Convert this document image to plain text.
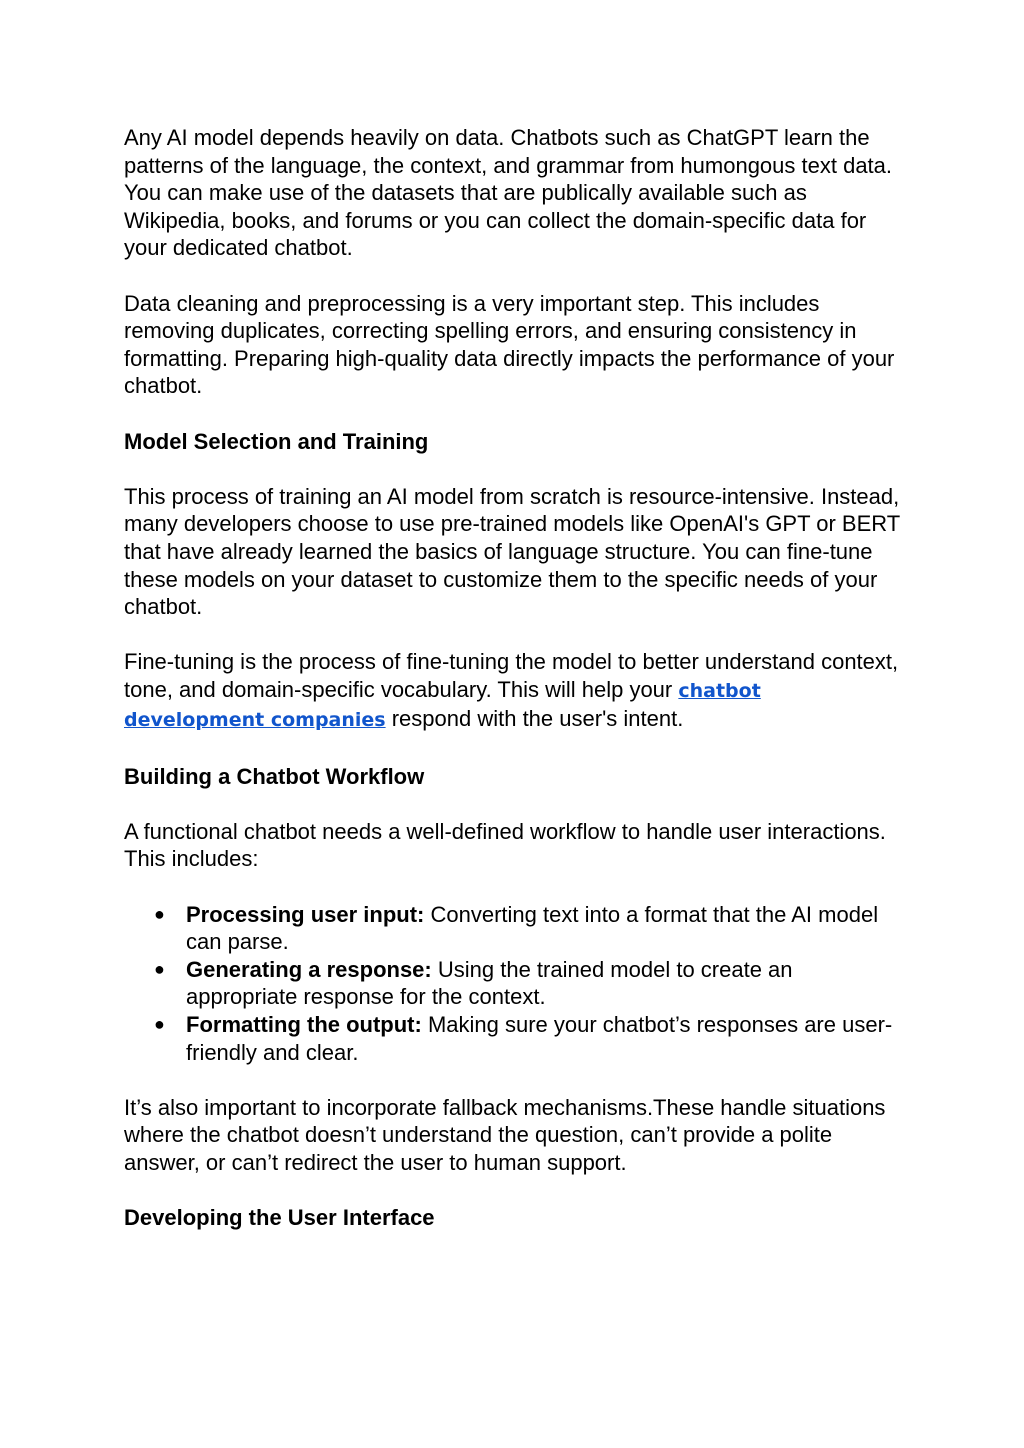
Any AI model depends heavily on data. Chatbots such as ChatGPT learn the patterns of the language, the context, and grammar from humongous text data. You can make use of the datasets that are publically available such as Wikipedia, books, and forums or you can collect the domain-specific data for your dedicated chatbot.

Data cleaning and preprocessing is a very important step. This includes removing duplicates, correcting spelling errors, and ensuring consistency in formatting. Preparing high-quality data directly impacts the performance of your chatbot.

Model Selection and Training

This process of training an AI model from scratch is resource-intensive. Instead, many developers choose to use pre-trained models like OpenAI's GPT or BERT that have already learned the basics of language structure. You can fine-tune these models on your dataset to customize them to the specific needs of your chatbot.

Fine-tuning is the process of fine-tuning the model to better understand context, tone, and domain-specific vocabulary. This will help your chatbot development companies respond with the user's intent.

Building a Chatbot Workflow

A functional chatbot needs a well-defined workflow to handle user interactions. This includes:

● Processing user input: Converting text into a format that the AI model can parse.
● Generating a response: Using the trained model to create an appropriate response for the context.
● Formatting the output: Making sure your chatbot’s responses are user-friendly and clear.

It’s also important to incorporate fallback mechanisms.These handle situations where the chatbot doesn’t understand the question, can’t provide a polite answer, or can’t redirect the user to human support.

Developing the User Interface
